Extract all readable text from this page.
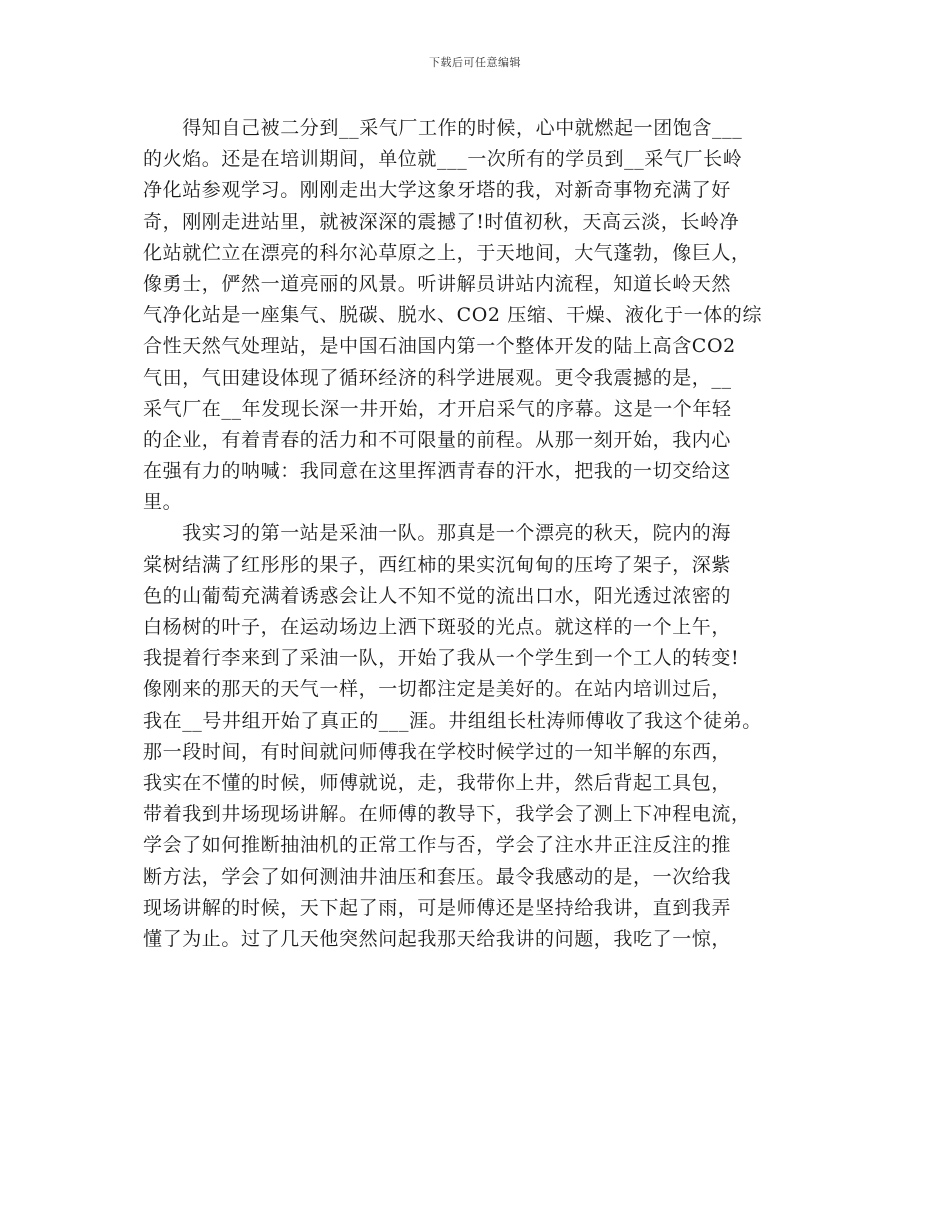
下载后可任意编辑
　　得知自己被二分到__采气厂工作的时候，心中就燃起一团饱含___
的火焰。还是在培训期间，单位就___一次所有的学员到__采气厂长岭
净化站参观学习。刚刚走出大学这象牙塔的我，对新奇事物充满了好
奇，刚刚走进站里，就被深深的震撼了!时值初秋，天高云淡，长岭净
化站就伫立在漂亮的科尔沁草原之上，于天地间，大气蓬勃，像巨人，
像勇士，俨然一道亮丽的风景。听讲解员讲站内流程，知道长岭天然
气净化站是一座集气、脱碳、脱水、CO2 压缩、干燥、液化于一体的综
合性天然气处理站，是中国石油国内第一个整体开发的陆上高含CO2
气田，气田建设体现了循环经济的科学进展观。更令我震撼的是，__
采气厂在__年发现长深一井开始，才开启采气的序幕。这是一个年轻
的企业，有着青春的活力和不可限量的前程。从那一刻开始，我内心
在强有力的呐喊：我同意在这里挥洒青春的汗水，把我的一切交给这
里。
　　我实习的第一站是采油一队。那真是一个漂亮的秋天，院内的海
棠树结满了红彤彤的果子，西红柿的果实沉甸甸的压垮了架子，深紫
色的山葡萄充满着诱惑会让人不知不觉的流出口水，阳光透过浓密的
白杨树的叶子，在运动场边上洒下斑驳的光点。就这样的一个上午，
我提着行李来到了采油一队，开始了我从一个学生到一个工人的转变!
像刚来的那天的天气一样，一切都注定是美好的。在站内培训过后，
我在__号井组开始了真正的___涯。井组组长杜涛师傅收了我这个徒弟。
那一段时间，有时间就问师傅我在学校时候学过的一知半解的东西，
我实在不懂的时候，师傅就说，走，我带你上井，然后背起工具包，
带着我到井场现场讲解。在师傅的教导下，我学会了测上下冲程电流，
学会了如何推断抽油机的正常工作与否，学会了注水井正注反注的推
断方法，学会了如何测油井油压和套压。最令我感动的是，一次给我
现场讲解的时候，天下起了雨，可是师傅还是坚持给我讲，直到我弄
懂了为止。过了几天他突然问起我那天给我讲的问题，我吃了一惊，
